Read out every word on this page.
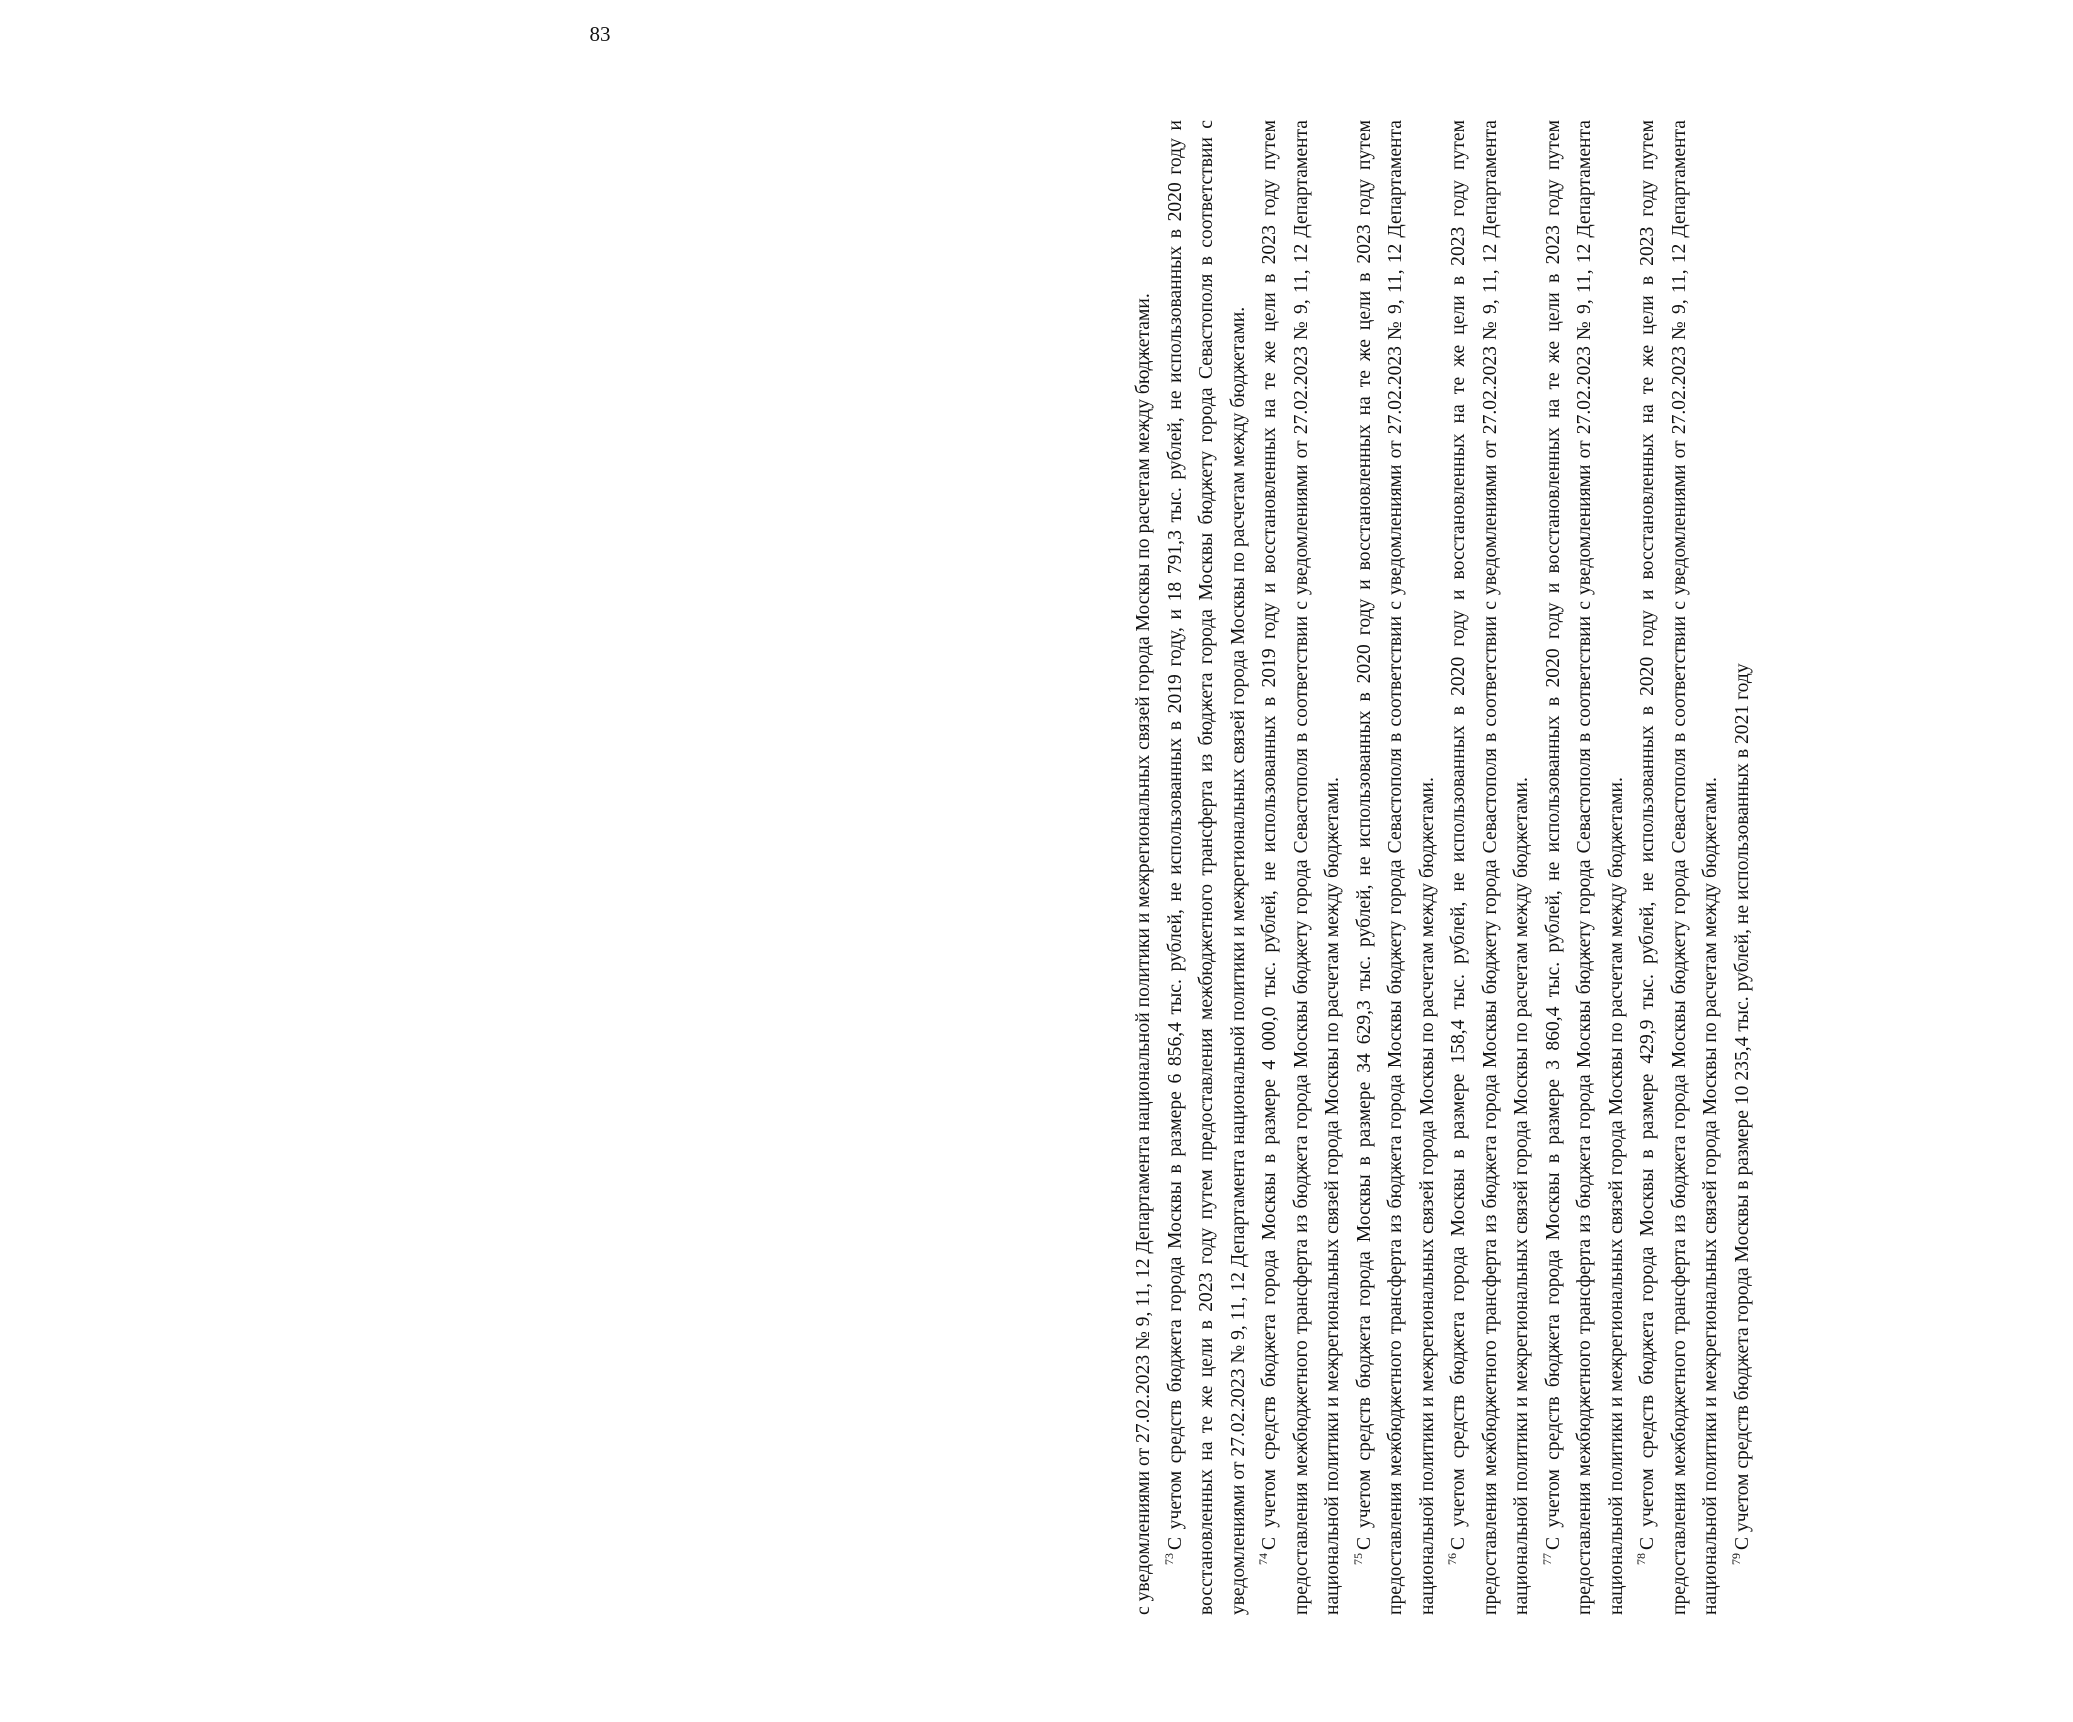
83

с уведомлениями от 27.02.2023 № 9, 11, 12 Департамента национальной политики и межрегиональных связей города Москвы по расчетам между бюджетами. $^{73}$С учетом средств бюджета города Москвы в размере 6 856,4 тыс. рублей, не использованных в 2019 году, и 18 791,3 тыс. рублей, не использованных в 2020 году и восстановленных на те же цели в 2023 году путем предоставления межбюджетного трансферта из бюджета города Москвы бюджету города Севастополя в соответствии с уведомлениями от 27.02.2023 № 9, 11, 12 Департамента национальной политики и межрегиональных связей города Москвы по расчетам между бюджетами. $^{74}$С учетом средств бюджета города Москвы в размере 4 000,0 тыс. рублей, не использованных в 2019 году и восстановленных на те же цели в 2023 году путем предоставления межбюджетного трансферта из бюджета города Москвы бюджету города Севастополя в соответствии с уведомлениями от 27.02.2023 № 9, 11, 12 Департамента национальной политики и межрегиональных связей города Москвы по расчетам между бюджетами. $^{75}$С учетом средств бюджета города Москвы в размере 34 629,3 тыс. рублей, не использованных в 2020 году и восстановленных на те же цели в 2023 году путем предоставления межбюджетного трансферта из бюджета города Москвы бюджету города Севастополя в соответствии с уведомлениями от 27.02.2023 № 9, 11, 12 Департамента национальной политики и межрегиональных связей города Москвы по расчетам между бюджетами. $^{76}$С учетом средств бюджета города Москвы в размере 158,4 тыс. рублей, не использованных в 2020 году и восстановленных на те же цели в 2023 году путем предоставления межбюджетного трансферта из бюджета города Москвы бюджету города Севастополя в соответствии с уведомлениями от 27.02.2023 № 9, 11, 12 Департамента национальной политики и межрегиональных связей города Москвы по расчетам между бюджетами. $^{77}$С учетом средств бюджета города Москвы в размере 3 860,4 тыс. рублей, не использованных в 2020 году и восстановленных на те же цели в 2023 году путем предоставления межбюджетного трансферта из бюджета города Москвы бюджету города Севастополя в соответствии с уведомлениями от 27.02.2023 № 9, 11, 12 Департамента национальной политики и межрегиональных связей города Москвы по расчетам между бюджетами. $^{78}$С учетом средств бюджета города Москвы в размере 429,9 тыс. рублей, не использованных в 2020 году и восстановленных на те же цели в 2023 году путем предоставления межбюджетного трансферта из бюджета города Москвы бюджету города Севастополя в соответствии с уведомлениями от 27.02.2023 № 9, 11, 12 Департамента национальной политики и межрегиональных связей города Москвы по расчетам между бюджетами. $^{79}$С учетом средств бюджета города Москвы в размере 10 235,4 тыс. рублей, не использованных в 2021 году
